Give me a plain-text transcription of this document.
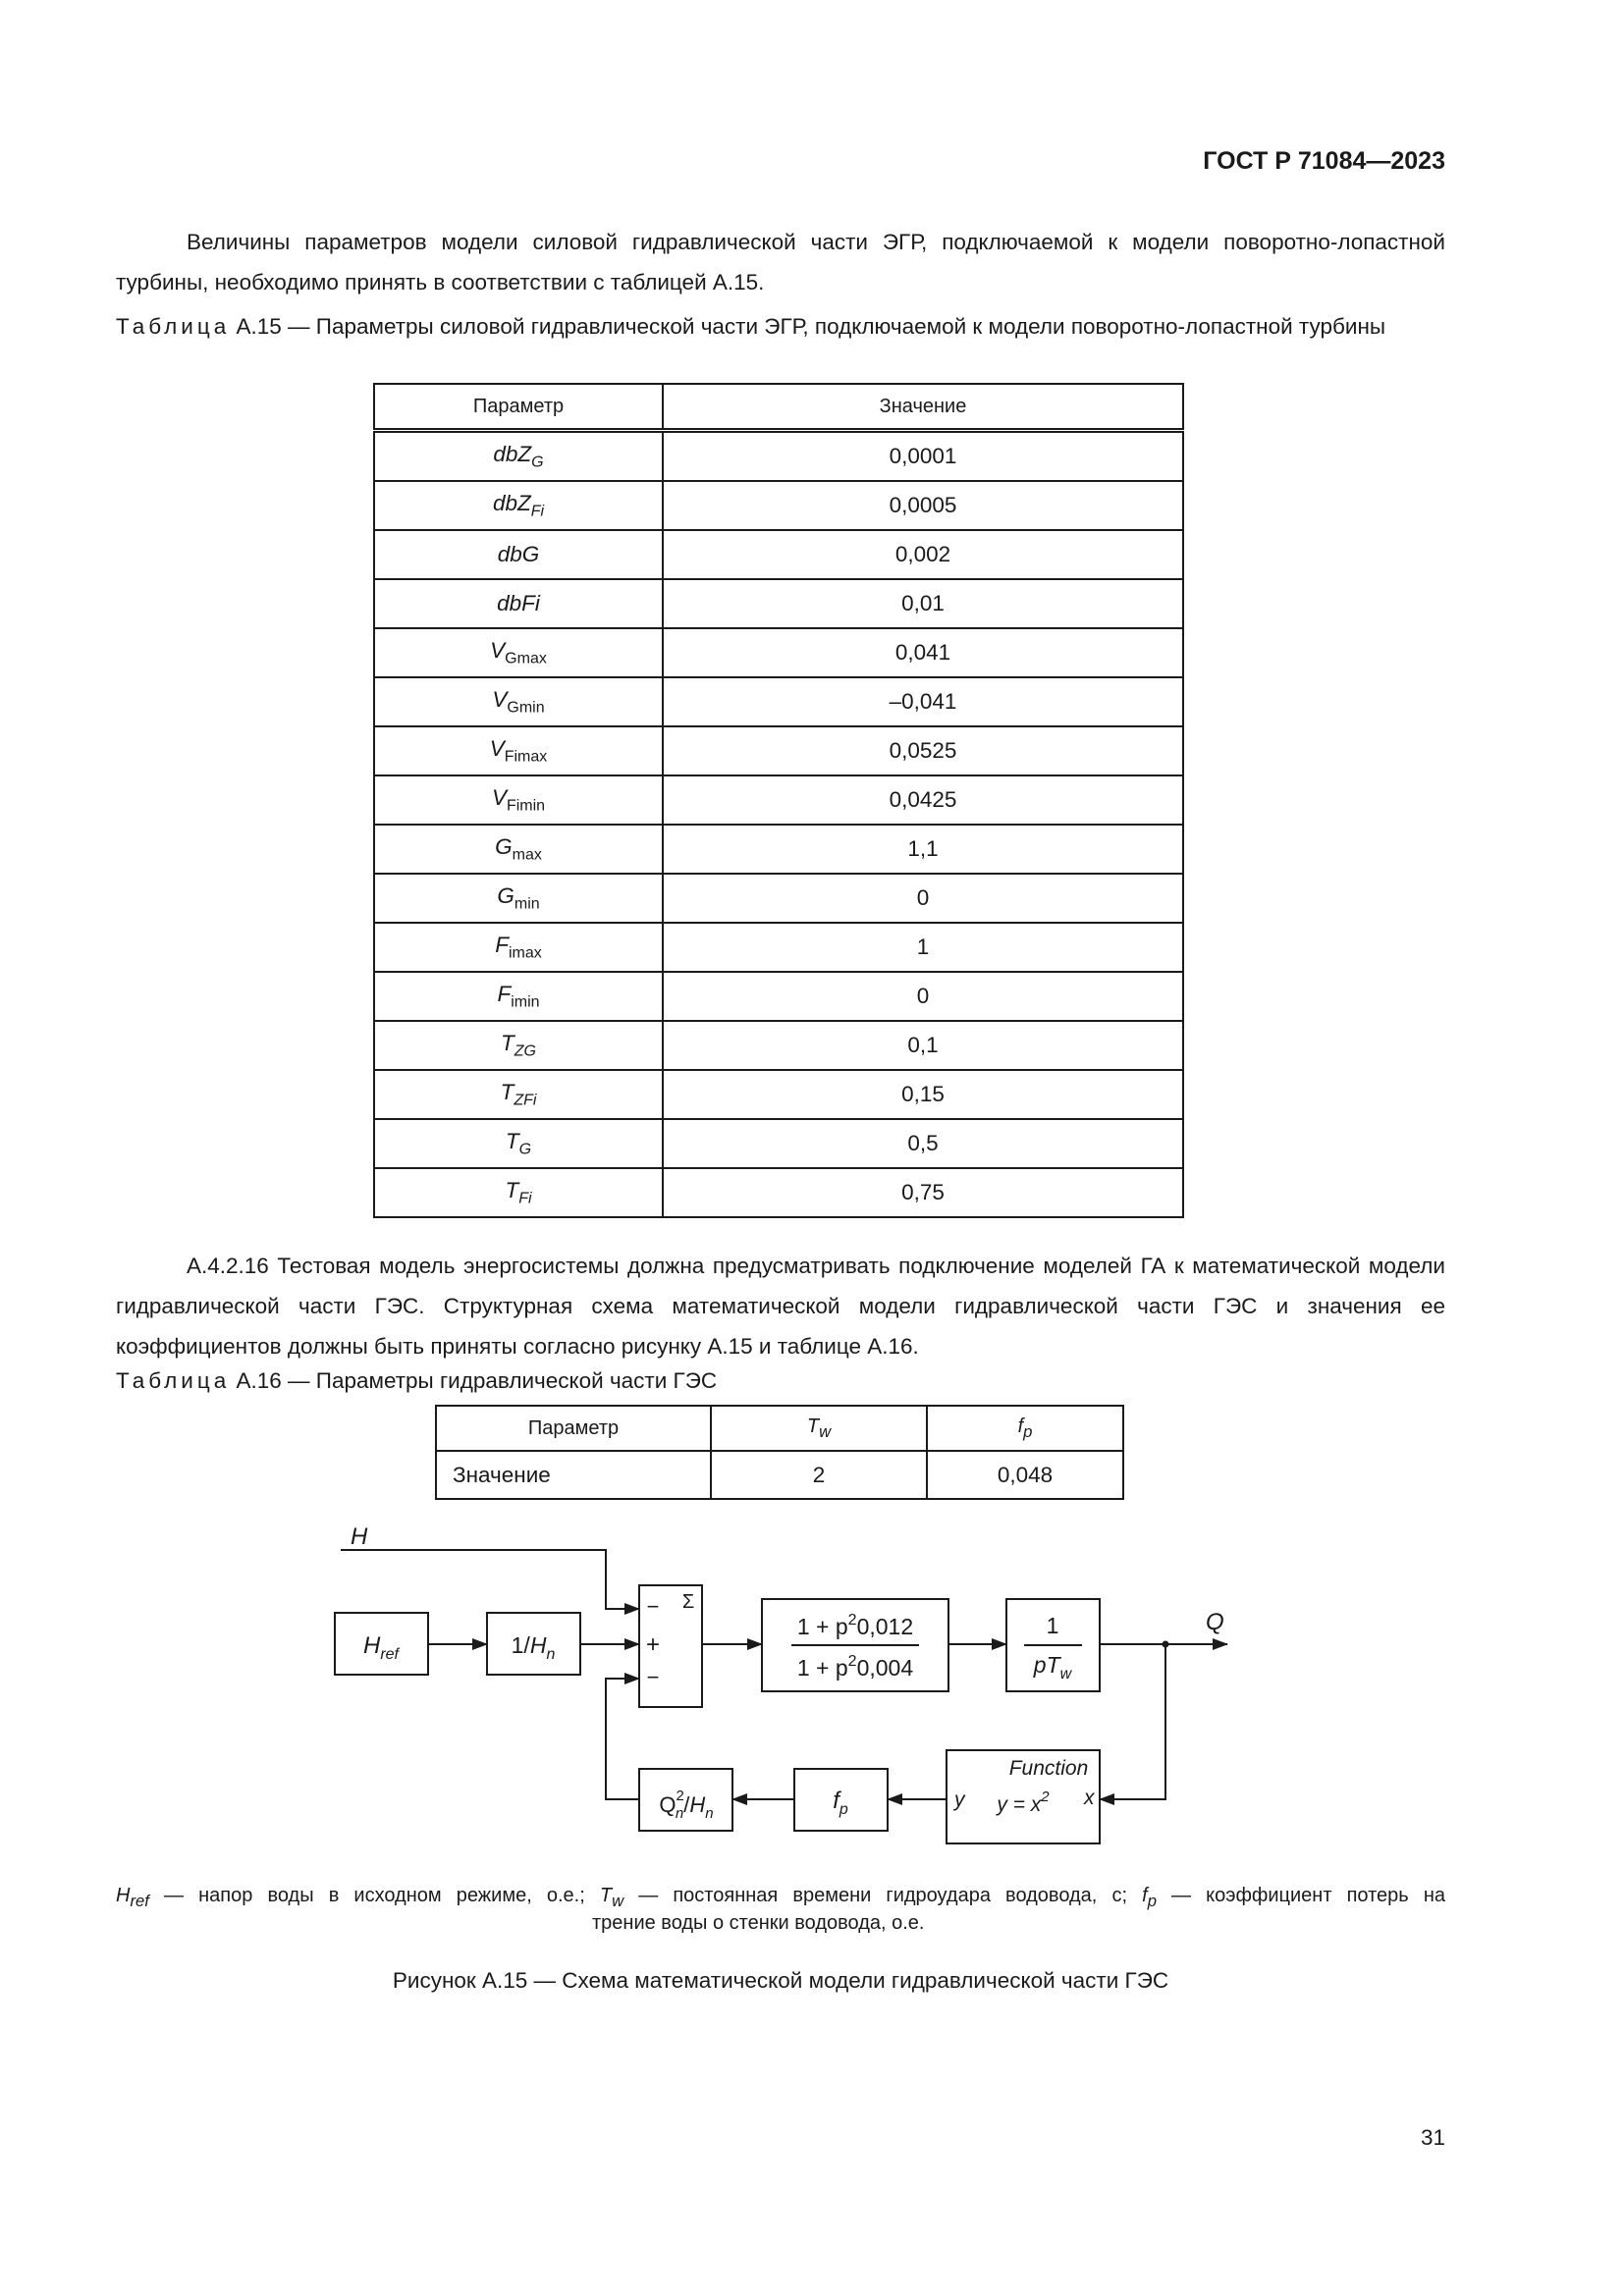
ГОСТ Р 71084—2023
Величины параметров модели силовой гидравлической части ЭГР, подключаемой к модели поворотно-лопастной турбины, необходимо принять в соответствии с таблицей А.15.
Таблица А.15 — Параметры силовой гидравлической части ЭГР, подключаемой к модели поворотно-лопастной турбины
Параметр	Значение
dbZ$_G$	0,0001
dbZ$_{Fi}$	0,0005
dbG	0,002
dbFi	0,01
$V_{Gmax}$	0,041
$V_{Gmin}$	–0,041
$V_{Fimax}$	0,0525
$V_{Fimin}$	0,0425
$G_{max}$	1,1
$G_{min}$	0
$F_{imax}$	1
$F_{imin}$	0
$T_{ZG}$	0,1
$T_{ZFi}$	0,15
$T_G$	0,5
$T_{Fi}$	0,75
А.4.2.16 Тестовая модель энергосистемы должна предусматривать подключение моделей ГА к математической модели гидравлической части ГЭС. Структурная схема математической модели гидравлической части ГЭС и значения ее коэффициентов должны быть приняты согласно рисунку А.15 и таблице А.16.
Таблица А.16 — Параметры гидравлической части ГЭС
Параметр	$T_w$	$f_p$
Значение	2	0,048
H
$H_{ref}$	$1/H_n$
Σ
−
+
−
$1 + p^20,012$
$1 + p^20,004$
1
$pT_w$
Q
Function
$y = x^2$ x
y
$f_p$
$Q^2$ $n/H_n$
$H_{ref}$ — напор воды в исходном режиме, о.е.; $T_w$ — постоянная времени гидроудара водовода, с; $f_p$ — коэффициент потерь на
трение воды о стенки водовода, о.е.
Рисунок А.15 — Схема математической модели гидравлической части ГЭС
31
